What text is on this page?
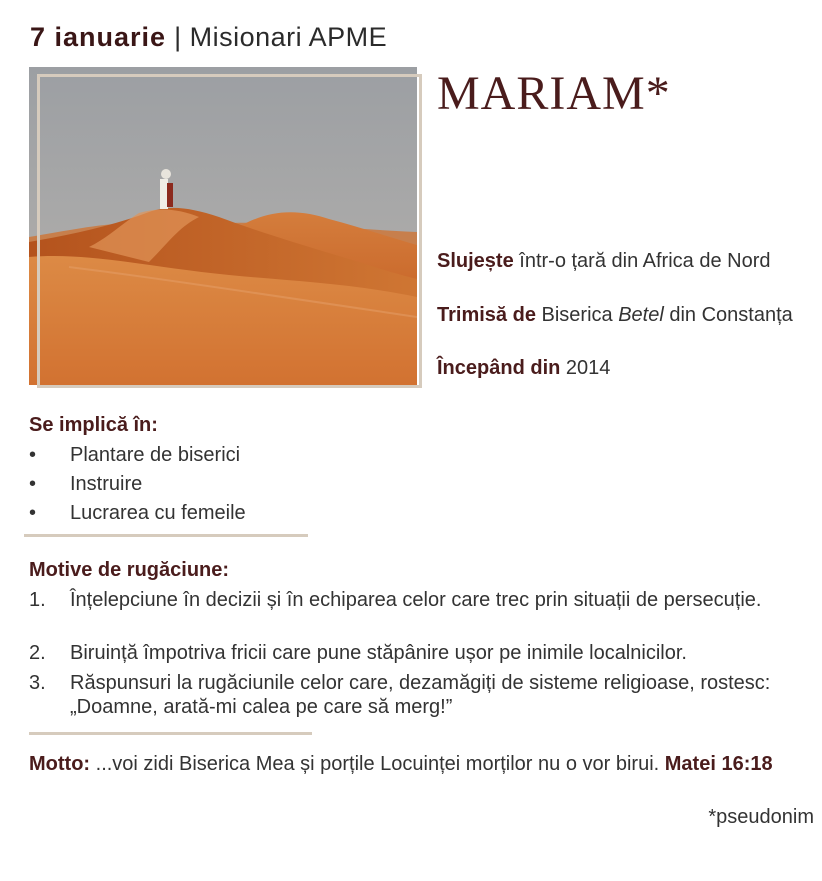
7 ianuarie | Misionari APME
MARIAM*
Slujește într-o țară din Africa de Nord
Trimisă de Biserica Betel din Constanța
Începând din 2014
Se implică în:
•	Plantare de biserici
•	Instruire
•	Lucrarea cu femeile
Motive de rugăciune:
1.	Înțelepciune în decizii și în echiparea celor care trec prin situații de persecuție.
2.	Biruință împotriva fricii care pune stăpânire ușor pe inimile localnicilor.
3.	Răspunsuri la rugăciunile celor care, dezamăgiți de sisteme religioase, rostesc: „Doamne, arată-mi calea pe care să merg!”
Motto: ...voi zidi Biserica Mea și porțile Locuinței morților nu o vor birui. Matei 16:18
*pseudonim
